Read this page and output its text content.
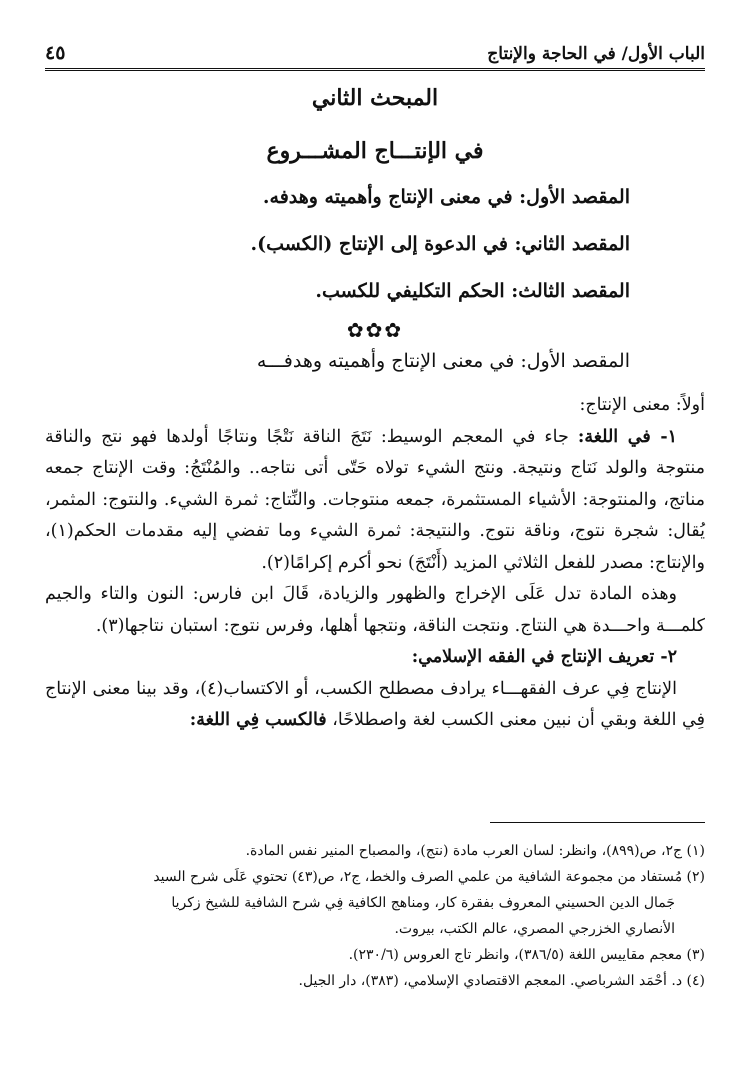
الباب الأول/ في الحاجة والإنتاج
٤٥
المبحث الثاني
في الإنتـــاج المشـــروع
المقصد الأول: في معنى الإنتاج وأهميته وهدفه.
المقصد الثاني: في الدعوة إلى الإنتاج (الكسب).
المقصد الثالث: الحكم التكليفي للكسب.
✿✿✿
المقصد الأول: في معنى الإنتاج وأهميته وهدفـــه

أولاً: معنى الإنتاج:

١- في اللغة: جاء في المعجم الوسيط: نَتَجَ الناقة نَتْجًا ونتاجًا أولدها فهو نتج والناقة منتوجة والولد نَتاج ونتيجة. ونتج الشيء تولاه حَتّى أتى نتاجه.. والمُنْتَجُ: وقت الإنتاج جمعه مناتج، والمنتوجة: الأشياء المستثمرة، جمعه منتوجات. والنِّتاج: ثمرة الشيء. والنتوج: المثمر، يُقال: شجرة نتوج، وناقة نتوج. والنتيجة: ثمرة الشيء وما تفضي إليه مقدمات الحكم(١)، والإنتاج: مصدر للفعل الثلاثي المزيد (أَنْتَجَ) نحو أكرم إكرامًا(٢).

وهذه المادة تدل عَلَى الإخراج والظهور والزيادة، قَالَ ابن فارس: النون والتاء والجيم كلمـــة واحـــدة هي النتاج. ونتجت الناقة، ونتجها أهلها، وفرس نتوج: استبان نتاجها(٣).

٢- تعريف الإنتاج في الفقه الإسلامي:

الإنتاج فِي عرف الفقهـــاء يرادف مصطلح الكسب، أو الاكتساب(٤)، وقد بينا معنى الإنتاج فِي اللغة وبقي أن نبين معنى الكسب لغة واصطلاحًا، فالكسب فِي اللغة:

(١) ج٢، ص(٨٩٩)، وانظر: لسان العرب مادة (نتج)، والمصباح المنير نفس المادة.

(٢) مُستفاد من مجموعة الشافية من علمي الصرف والخط، ج٢، ص(٤٣) تحتوي عَلَى شرح السيد

جَمال الدين الحسيني المعروف بفقرة كار، ومناهج الكافية فِي شرح الشافية للشيخ زكريا

الأنصاري الخزرجي المصري، عالم الكتب، بيروت.

(٣) معجم مقاييس اللغة (٣٨٦/٥)، وانظر تاج العروس (٢٣٠/٦).

(٤) د. أحْمَد الشرباصي. المعجم الاقتصادي الإسلامي، (٣٨٣)، دار الجيل.
